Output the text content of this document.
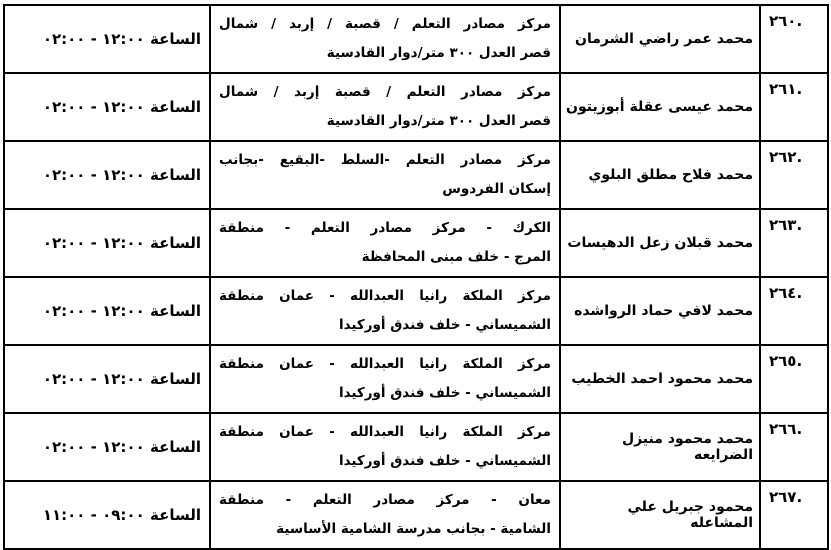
٢٦٠.	محمد عمر راضي الشرمان	مركز مصادر التعلم / قصبة / إربد / شمال
قصر العدل ٣٠٠ متر/دوار القادسية	الساعة ١٢:٠٠ - ٠٢:٠٠
٢٦١.	محمد عيسى عقلة أبوزيتون	مركز مصادر التعلم / قصبة إربد / شمال
قصر العدل ٣٠٠ متر/دوار القادسية	الساعة ١٢:٠٠ - ٠٢:٠٠
٢٦٢.	محمد فلاح مطلق البلوي	مركز مصادر التعلم -السلط -البقيع -بجانب
إسكان الفردوس	الساعة ١٢:٠٠ - ٠٢:٠٠
٢٦٣.	محمد قبلان زعل الدهيسات	الكرك - مركز مصادر التعلم - منطقة
المرج - خلف مبنى المحافظة	الساعة ١٢:٠٠ - ٠٢:٠٠
٢٦٤.	محمد لافي حماد الرواشده	مركز الملكة رانيا العبدالله - عمان منطقة
الشميساني - خلف فندق أوركيدا	الساعة ١٢:٠٠ - ٠٢:٠٠
٢٦٥.	محمد محمود احمد الخطيب	مركز الملكة رانيا العبدالله - عمان منطقة
الشميساني - خلف فندق أوركيدا	الساعة ١٢:٠٠ - ٠٢:٠٠
٢٦٦.	محمد محمود منيزل الضرايعه	مركز الملكة رانيا العبدالله - عمان منطقة
الشميساني - خلف فندق أوركيدا	الساعة ١٢:٠٠ - ٠٢:٠٠
٢٦٧.	محمود جبريل علي المشاعله	معان - مركز مصادر التعلم - منطقة
الشامية - بجانب مدرسة الشامية الأساسية	الساعة ٠٩:٠٠ - ١١:٠٠
